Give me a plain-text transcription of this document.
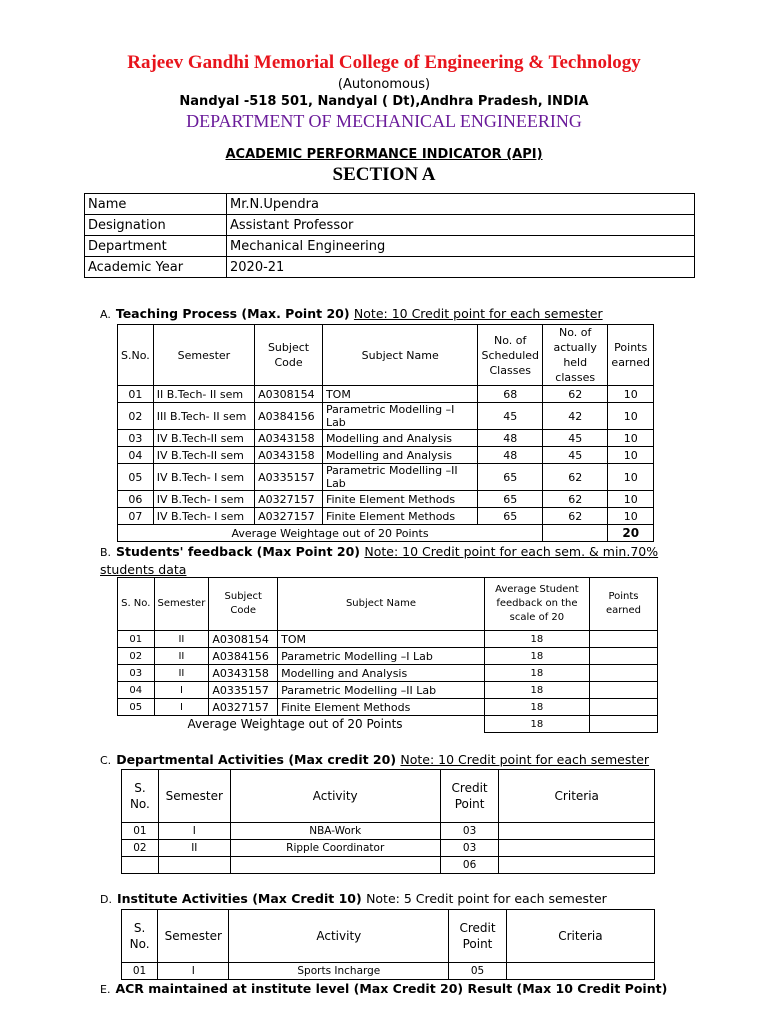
Rajeev Gandhi Memorial College of Engineering & Technology
(Autonomous)
Nandyal -518 501, Nandyal ( Dt),Andhra Pradesh, INDIA
DEPARTMENT OF MECHANICAL ENGINEERING
ACADEMIC PERFORMANCE INDICATOR (API)
SECTION A
Name	Mr.N.Upendra
Designation	Assistant Professor
Department	Mechanical Engineering
Academic Year	2020-21
A. Teaching Process (Max. Point 20) Note: 10 Credit point for each semester
S.No.	Semester	Subject Code	Subject Name	No. of Scheduled Classes	No. of actually held classes	Points earned
01	II B.Tech- II sem	A0308154	TOM	68	62	10
02	III B.Tech- II sem	A0384156	Parametric Modelling –I Lab	45	42	10
03	IV B.Tech-II sem	A0343158	Modelling and Analysis	48	45	10
04	IV B.Tech-II sem	A0343158	Modelling and Analysis	48	45	10
05	IV B.Tech- I sem	A0335157	Parametric Modelling –II Lab	65	62	10
06	IV B.Tech- I sem	A0327157	Finite Element Methods	65	62	10
07	IV B.Tech- I sem	A0327157	Finite Element Methods	65	62	10
Average Weightage out of 20 Points						20
B. Students' feedback (Max Point 20) Note: 10 Credit point for each sem. & min.70% students data
S. No.	Semester	Subject Code	Subject Name	Average Student feedback on the scale of 20	Points earned
01	II	A0308154	TOM	18	
02	II	A0384156	Parametric Modelling –I Lab	18	
03	II	A0343158	Modelling and Analysis	18	
04	I	A0335157	Parametric Modelling –II Lab	18	
05	I	A0327157	Finite Element Methods	18	
Average Weightage out of 20 Points				18	
C. Departmental Activities (Max credit 20) Note: 10 Credit point for each semester
S. No.	Semester	Activity	Credit Point	Criteria
01	I	NBA-Work	03	
02	II	Ripple Coordinator	03	
			06	
D. Institute Activities (Max Credit 10) Note: 5 Credit point for each semester
S. No.	Semester	Activity	Credit Point	Criteria
01	I	Sports Incharge	05	
E. ACR maintained at institute level (Max Credit 20) Result (Max 10 Credit Point)
